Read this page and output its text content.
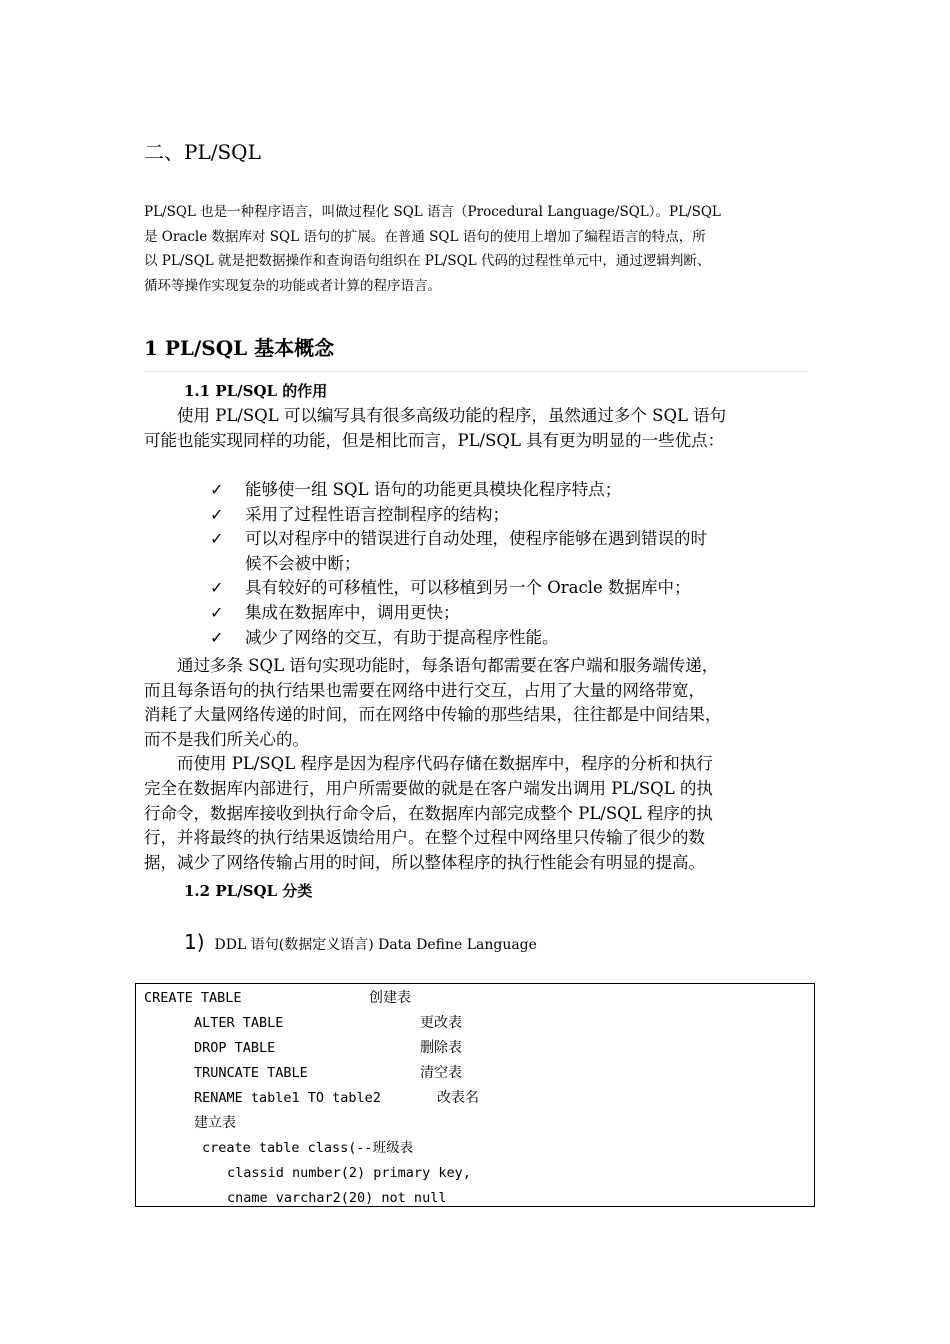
二、PL/SQL

PL/SQL 也是一种程序语言，叫做过程化 SQL 语言（Procedural Language/SQL）。PL/SQL

是 Oracle 数据库对 SQL 语句的扩展。在普通 SQL 语句的使用上增加了编程语言的特点，所

以 PL/SQL 就是把数据操作和查询语句组织在 PL/SQL 代码的过程性单元中，通过逻辑判断、

循环等操作实现复杂的功能或者计算的程序语言。

1 PL/SQL 基本概念
1.1 PL/SQL 的作用

　　使用 PL/SQL 可以编写具有很多高级功能的程序，虽然通过多个 SQL 语句

可能也能实现同样的功能，但是相比而言，PL/SQL 具有更为明显的一些优点：

✓ 能够使一组 SQL 语句的功能更具模块化程序特点；
✓ 采用了过程性语言控制程序的结构；
✓ 可以对程序中的错误进行自动处理，使程序能够在遇到错误的时
候不会被中断；
✓ 具有较好的可移植性，可以移植到另一个 Oracle 数据库中；
✓ 集成在数据库中，调用更快；
✓ 减少了网络的交互，有助于提高程序性能。

　　通过多条 SQL 语句实现功能时，每条语句都需要在客户端和服务端传递，

而且每条语句的执行结果也需要在网络中进行交互，占用了大量的网络带宽，

消耗了大量网络传递的时间，而在网络中传输的那些结果，往往都是中间结果，

而不是我们所关心的。

　　而使用 PL/SQL 程序是因为程序代码存储在数据库中，程序的分析和执行

完全在数据库内部进行，用户所需要做的就是在客户端发出调用 PL/SQL 的执

行命令，数据库接收到执行命令后，在数据库内部完成整个 PL/SQL 程序的执

行，并将最终的执行结果返馈给用户。在整个过程中网络里只传输了很少的数

据，减少了网络传输占用的时间，所以整体程序的执行性能会有明显的提高。

1.2 PL/SQL 分类
1) DDL 语句(数据定义语言) Data Define Language
CREATE TABLE	创建表
ALTER TABLE	更改表
DROP TABLE	删除表
TRUNCATE TABLE	清空表
RENAME table1 TO table2	改表名
建立表
create table class(--班级表
classid number(2) primary key,
cname varchar2(20) not null
